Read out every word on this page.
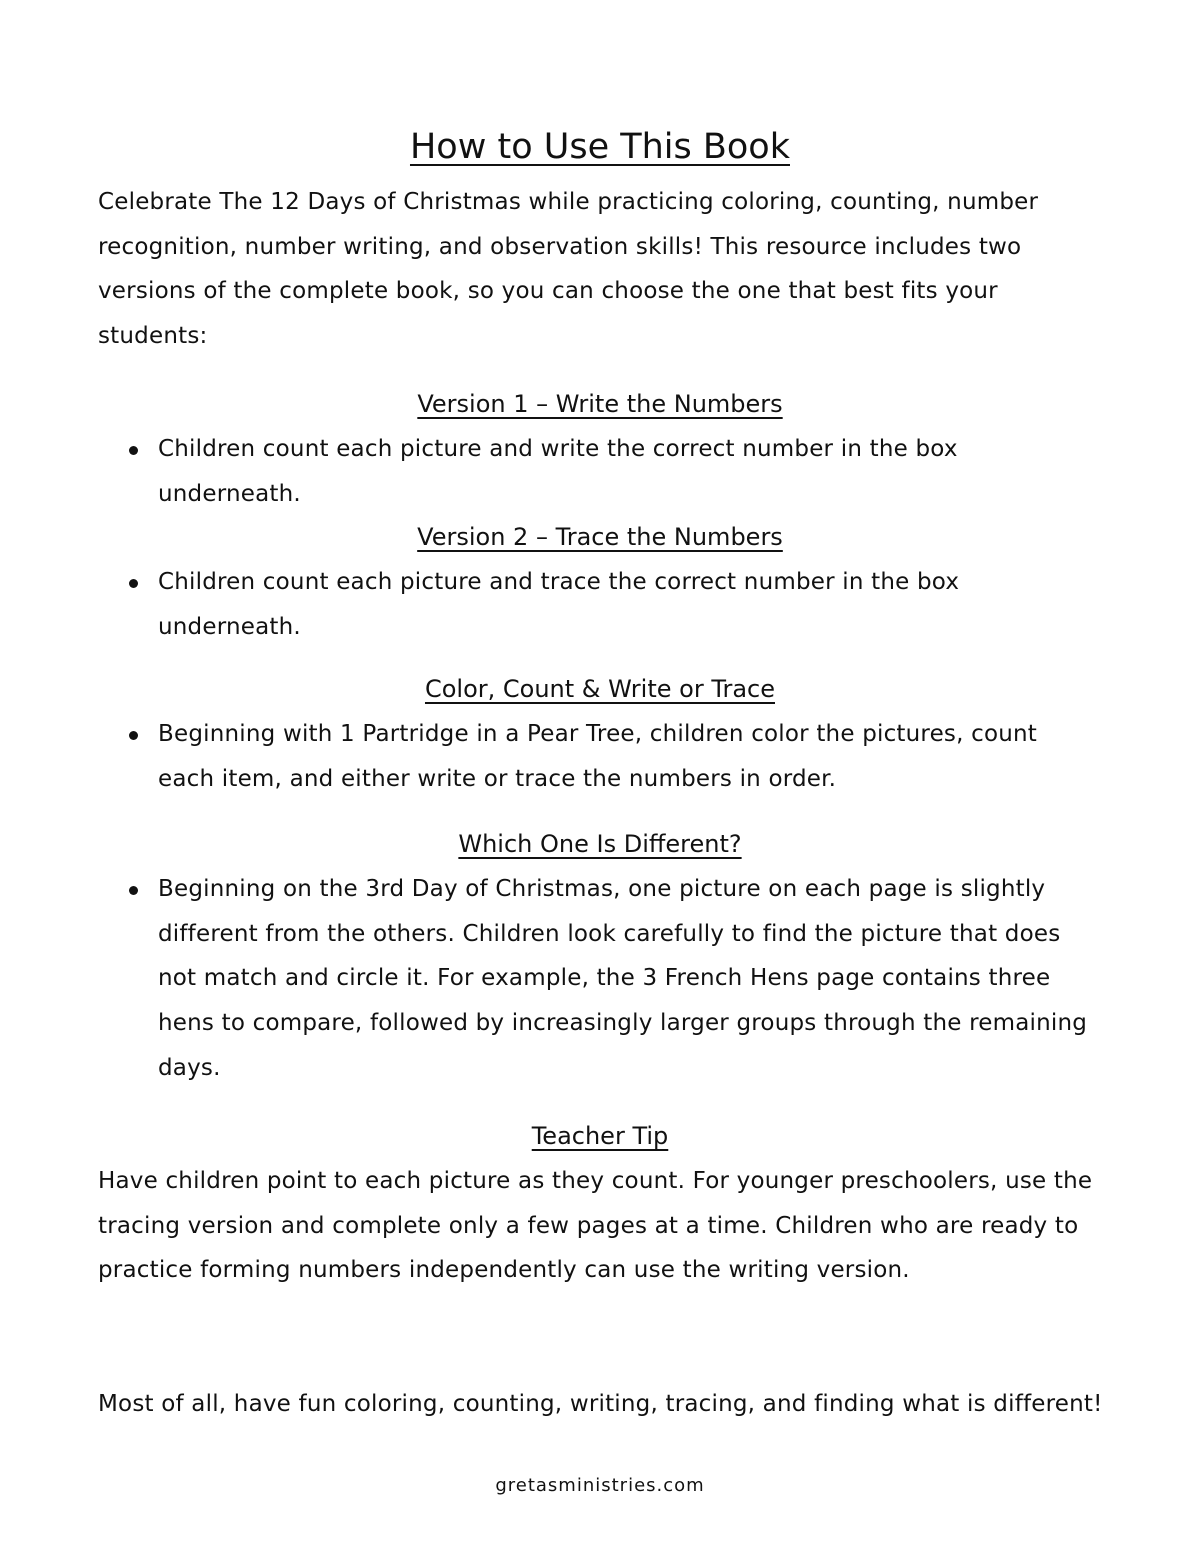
How to Use This Book

Celebrate The 12 Days of Christmas while practicing coloring, counting, number recognition, number writing, and observation skills! This resource includes two versions of the complete book, so you can choose the one that best fits your students:

Version 1 – Write the Numbers
Children count each picture and write the correct number in the box underneath.
Version 2 – Trace the Numbers
Children count each picture and trace the correct number in the box underneath.
Color, Count & Write or Trace
Beginning with 1 Partridge in a Pear Tree, children color the pictures, count each item, and either write or trace the numbers in order.
Which One Is Different?
Beginning on the 3rd Day of Christmas, one picture on each page is slightly different from the others. Children look carefully to find the picture that does not match and circle it. For example, the 3 French Hens page contains three hens to compare, followed by increasingly larger groups through the remaining days.
Teacher Tip

Have children point to each picture as they count. For younger preschoolers, use the tracing version and complete only a few pages at a time. Children who are ready to practice forming numbers independently can use the writing version.

Most of all, have fun coloring, counting, writing, tracing, and finding what is different!

gretasministries.com
